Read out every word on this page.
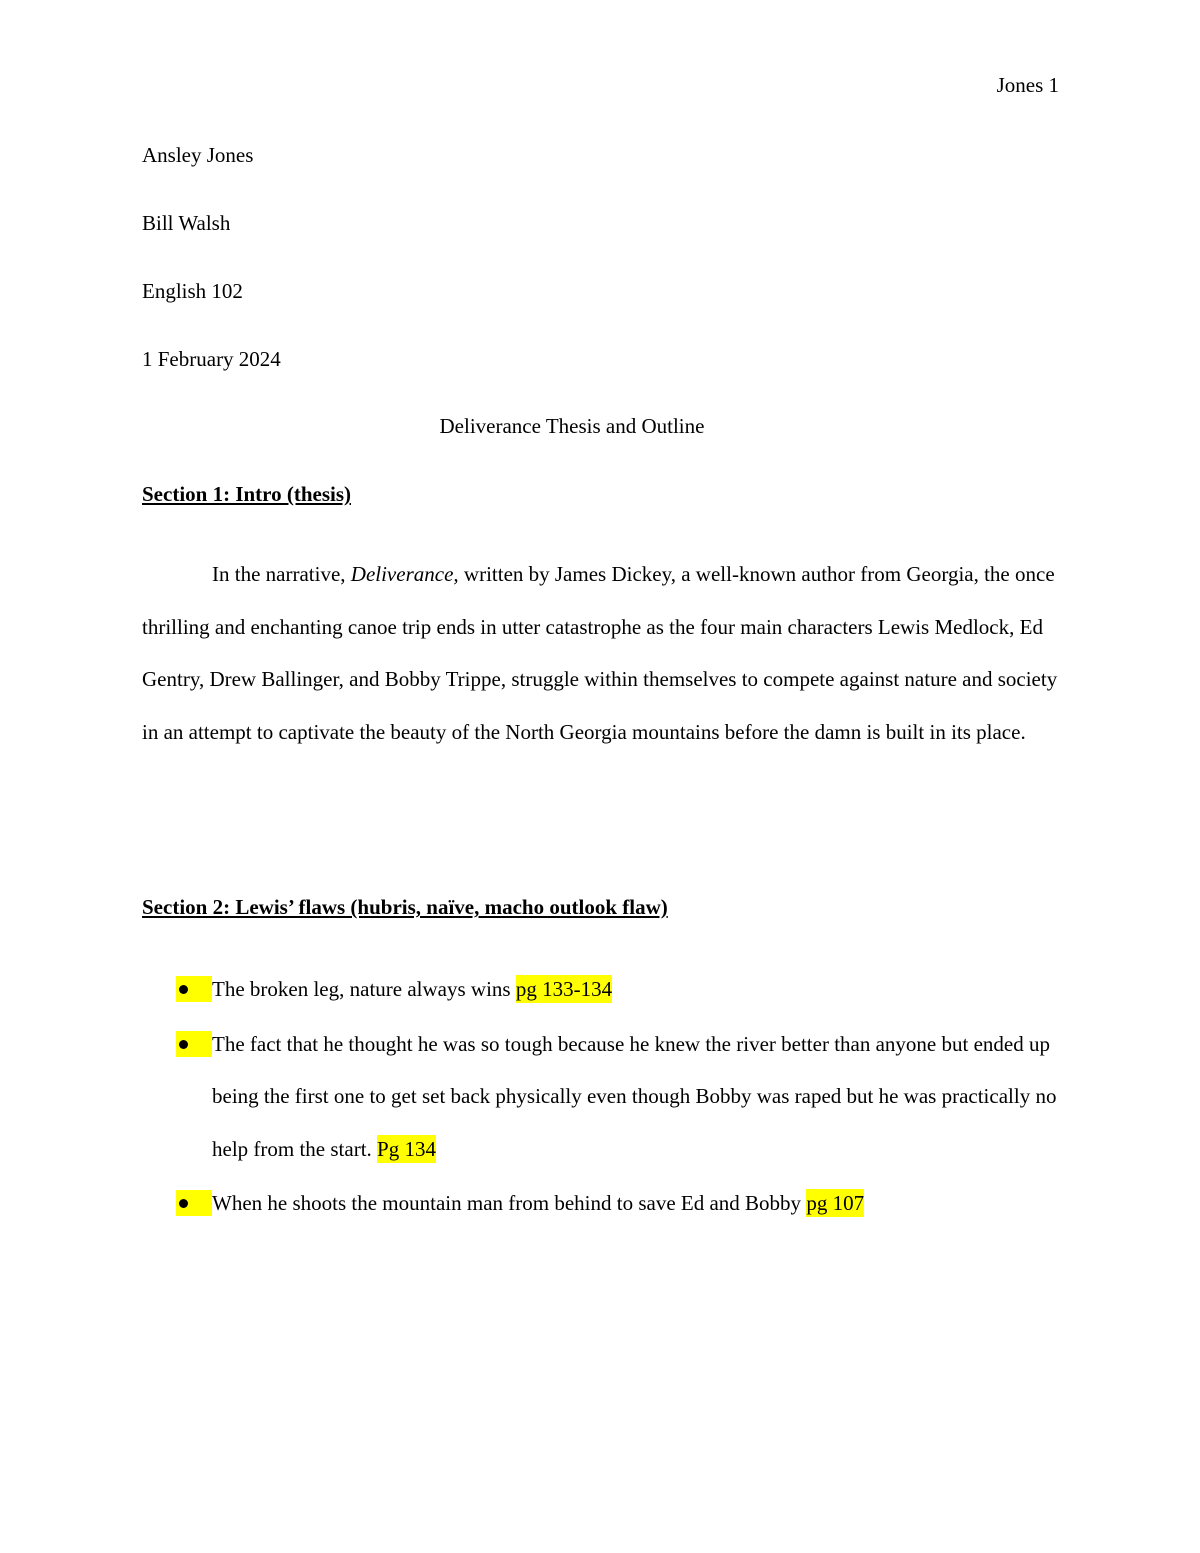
Jones 1
Ansley Jones
Bill Walsh
English 102
1 February 2024
Deliverance Thesis and Outline
Section 1: Intro (thesis)

In the narrative, Deliverance, written by James Dickey, a well-known author from Georgia, the once thrilling and enchanting canoe trip ends in utter catastrophe as the four main characters Lewis Medlock, Ed Gentry, Drew Ballinger, and Bobby Trippe, struggle within themselves to compete against nature and society in an attempt to captivate the beauty of the North Georgia mountains before the damn is built in its place.

Section 2: Lewis’ flaws (hubris, naïve, macho outlook flaw)
The broken leg, nature always wins pg 133-134
The fact that he thought he was so tough because he knew the river better than anyone but ended up being the first one to get set back physically even though Bobby was raped but he was practically no help from the start. Pg 134
When he shoots the mountain man from behind to save Ed and Bobby pg 107
